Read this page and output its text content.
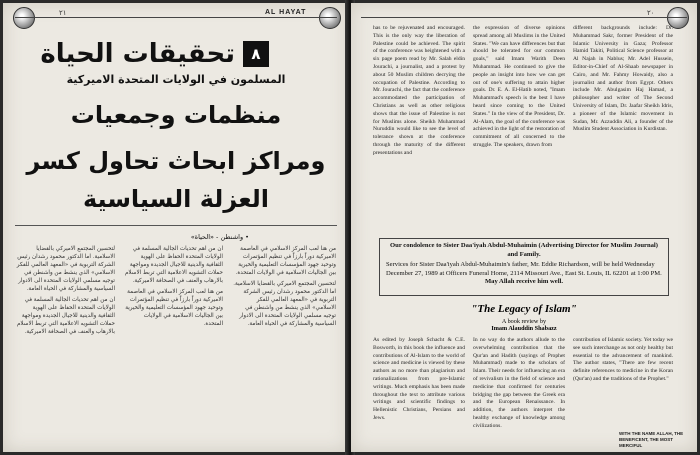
٢١	AL HAYAT
تحقيقات الحياة	٨
المسلمون في الولايات المتحدة الاميركية
منظمات وجمعيات
ومراكز ابحاث تحاول كسر
العزلة السياسية
• واشنطن - «الحياة»

لتحسين المجتمع الاميركي بالقضايا الاسلامية. اما الدكتور محمود رشدان رئيس الشركة التربوية في «المعهد العالمي للفكر الاسلامي» الذي ينشط من واشنطن في توجيه مسلمي الولايات المتحدة الى الادوار السياسية والمشاركة في الحياة العامة.

ان من اهم تحديات الجالية المسلمة في الولايات المتحدة الحفاظ على الهوية الثقافية والدينية للاجيال الجديدة ومواجهة حملات التشويه الاعلامية التي تربط الاسلام بالارهاب والعنف في الصحافة الاميركية.

ان من اهم تحديات الجالية المسلمة في الولايات المتحدة الحفاظ على الهوية الثقافية والدينية للاجيال الجديدة ومواجهة حملات التشويه الاعلامية التي تربط الاسلام بالارهاب والعنف في الصحافة الاميركية.

من هنا لعب المركز الاسلامي في العاصمة الاميركية دوراً بارزاً في تنظيم المؤتمرات وتوحيد جهود المؤسسات التعليمية والخيرية بين الجاليات الاسلامية في الولايات المتحدة.

من هنا لعب المركز الاسلامي في العاصمة الاميركية دوراً بارزاً في تنظيم المؤتمرات وتوحيد جهود المؤسسات التعليمية والخيرية بين الجاليات الاسلامية في الولايات المتحدة.

لتحسين المجتمع الاميركي بالقضايا الاسلامية. اما الدكتور محمود رشدان رئيس الشركة التربوية في «المعهد العالمي للفكر الاسلامي» الذي ينشط من واشنطن في توجيه مسلمي الولايات المتحدة الى الادوار السياسية والمشاركة في الحياة العامة.

٢٠

has to be rejuvenated and encouraged. This is the only way the liberation of Palestine could be achieved. The spirit of the conference was heightened with a six page poem read by Mr. Salah eldin Jourachi, a journalist, and a protest by about 50 Muslim children decrying the occupation of Palestine. According to Mr. Jourachi, the fact that the conference accommodated the participation of Christians as well as other religious shows that the issue of Palestine is not for Muslims alone. Sheikh Muhammad Nuruddin would like to see the level of tolerance shown at the conference through the maturity of the different presentations and

the expression of diverse opinions spread among all Muslims in the United States. "We can have differences but that should be tolerated for our common goals," said Imam Warith Deen Muhammad. He continued to give the people an insight into how we can get out of one's suffering to attain higher goals. Dr. E. A. El-Hatib noted, "Imam Muhammad's speech is the best I have heard since coming to the United States." In the view of the President, Dr. Al-Alam, the goal of the conference was achieved in the light of the restoration of commitment of all concerned to the struggle. The speakers, drawn from

different backgrounds include: Dr. Muhammad Sakr, former President of the Islamic University in Gaza; Professor Hamid Takiti, Political Science professor at Al Najah in Nablus; Mr. Adel Hussein, Editor-in-Chief of Al-Shaab newspaper in Cairo, and Mr. Fahmy Howaidy, also a journalist and author from Egypt. Others include Mr. Abulgasim Haj Hamad, a philosopher and writer of The Second University of Islam, Dr. Jaafar Sheikh Idris, a pioneer of the Islamic movement in Sudan, Mr. Azzuddin Ali, a founder of the Muslim Student Association in Kurdistan.

Our condolence to Sister Daa'iyah Abdul-Muhaimin (Advertising Director for Muslim Journal) and Family.
Services for Sister Daa'iyah Abdul-Muhaimin's father, Mr. Eddie Richardson, will be held Wednesday December 27, 1989 at Officers Funeral Home, 2114 Missouri Ave., East St. Louis, IL 62201 at 1:00 PM.
May Allah receive him well.
"The Legacy of Islam"
A book review by
Imam Alauddin Shabazz

As edited by Joseph Schacht & C.E. Bosworth, in this book the influence and contributions of Al-Islam to the world of science and medicine is viewed by these authors as no more than plagiarism and rationalizations from pre-Islamic writings. Much emphasis has been made throughout the text to attribute various writings and scientific findings to Hellenistic Christians, Persians and Jews.

In no way do the authors allude to the overwhelming contribution that the Qur'an and Hadith (sayings of Prophet Muhammad) made to the scholars of Islam. Their needs for influencing an era of revivalism in the field of science and medicine that confirmed for centuries bridging the gap between the Greek era and the European Renaissance. In addition, the authors interpret the healthy exchange of knowledge among civilizations.

contribution of Islamic society. Yet today we see such interchange as not only healthy but essential to the advancement of mankind. The author states, "There are few recent definite references to medicine in the Koran (Qur'an) and the traditions of the Prophet."

WITH THE NAME ALLAH, THE BENEFICENT, THE MOST MERCIFUL
